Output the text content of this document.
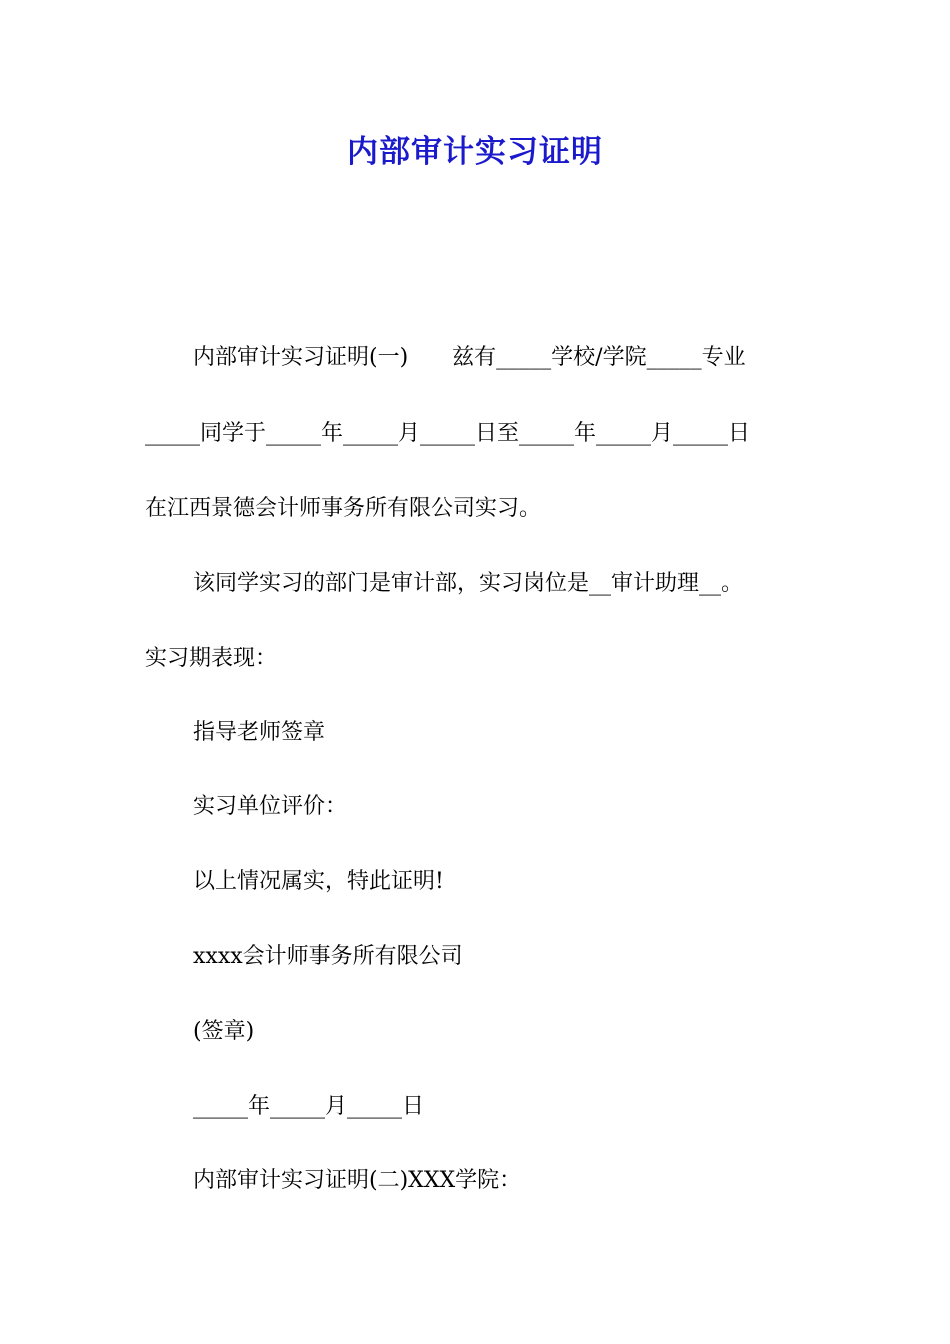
内部审计实习证明
内部审计实习证明(一)　　兹有_____学校/学院_____专业
_____同学于_____年_____月_____日至_____年_____月_____日
在江西景德会计师事务所有限公司实习。
该同学实习的部门是审计部，实习岗位是__审计助理__。
实习期表现：
指导老师签章
实习单位评价：
以上情况属实，特此证明!
xxxx会计师事务所有限公司
(签章)
_____年_____月_____日
内部审计实习证明(二)XXX学院：
